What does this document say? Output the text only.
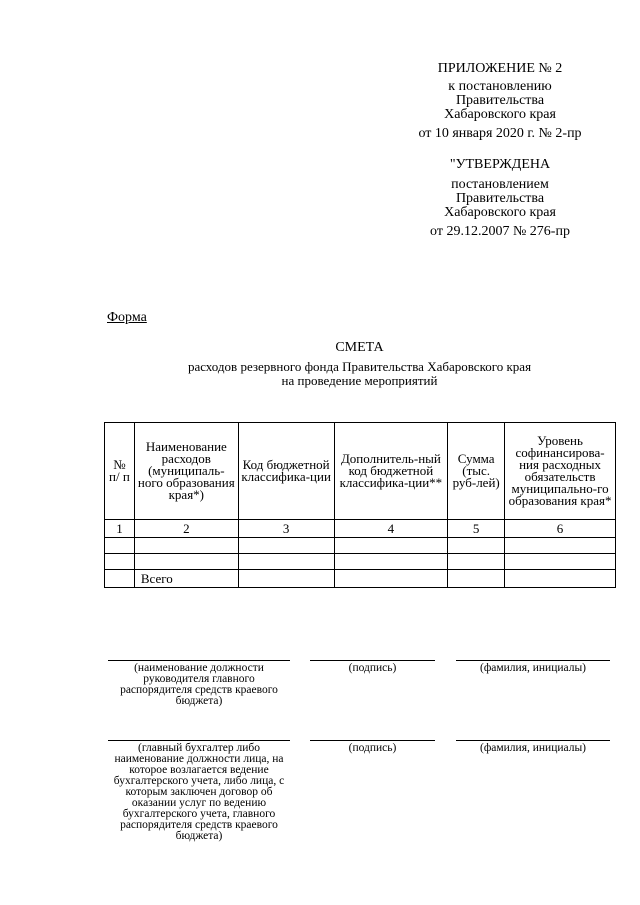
ПРИЛОЖЕНИЕ № 2
к постановлению
Правительства
Хабаровского края
от 10 января 2020 г. № 2-пр
"УТВЕРЖДЕНА
постановлением
Правительства
Хабаровского края
от 29.12.2007 № 276-пр
Форма
СМЕТА
расходов резервного фонда Правительства Хабаровского края
на проведение мероприятий
№ п/ п	Наименование расходов (муниципаль-ного образования края*)	Код бюджетной классифика-ции	Дополнитель-ный код бюджетной классифика-ции**	Сумма (тыс. руб-лей)	Уровень софинансирова-ния расходных обязательств муниципально-го образования края*
1	2	3	4	5	6

	Всего				
(наименование должности руководителя главного распорядителя средств краевого бюджета)
(подпись)	(фамилия, инициалы)
(главный бухгалтер либо наименование должности лица, на которое возлагается ведение бухгалтерского учета, либо лица, с которым заключен договор об оказании услуг по ведению бухгалтерского учета, главного распорядителя средств краевого бюджета)
(подпись)	(фамилия, инициалы)
